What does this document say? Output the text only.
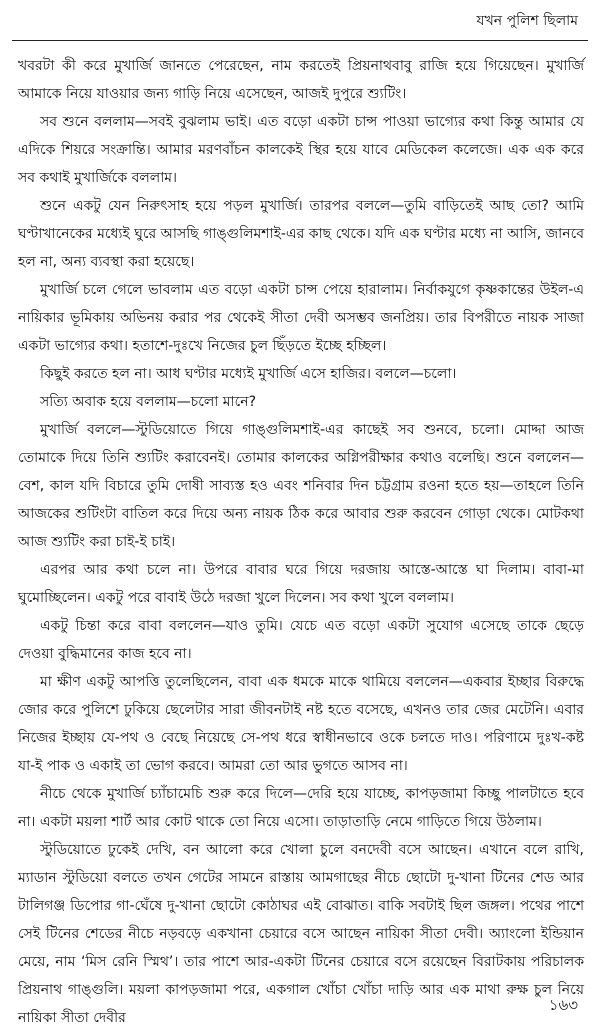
যখন পুলিশ ছিলাম

খবরটা কী করে মুখার্জি জানতে পেরেছেন, নাম করতেই প্রিয়নাথবাবু রাজি হয়ে গিয়েছেন। মুখার্জি আমাকে নিয়ে যাওয়ার জন্য গাড়ি নিয়ে এসেছেন, আজই দুপুরে শ্যুটিং।

সব শুনে বললাম—সবই বুঝলাম ভাই। এত বড়ো একটা চান্স পাওয়া ভাগ্যের কথা কিন্তু আমার যে এদিকে শিয়রে সংক্রান্তি। আমার মরণবাঁচন কালকেই স্থির হয়ে যাবে মেডিকেল কলেজে। এক এক করে সব কথাই মুখার্জিকে বললাম।

শুনে একটু যেন নিরুৎসাহ হয়ে পড়ল মুখার্জি। তারপর বললে—তুমি বাড়িতেই আছ তো? আমি ঘণ্টাখানেকের মধ্যেই ঘুরে আসছি গাঙ্গুলিমশাই-এর কাছ থেকে। যদি এক ঘণ্টার মধ্যে না আসি, জানবে হল না, অন্য ব্যবস্থা করা হয়েছে।

মুখার্জি চলে গেলে ভাবলাম এত বড়ো একটা চান্স পেয়ে হারালাম। নির্বাকযুগে কৃষ্ণকান্তের উইল-এ নায়িকার ভূমিকায় অভিনয় করার পর থেকেই সীতা দেবী অসম্ভব জনপ্রিয়। তার বিপরীতে নায়ক সাজা একটা ভাগ্যের কথা। হতাশে-দুঃখে নিজের চুল ছিঁড়তে ইচ্ছে হচ্ছিল।

কিছুই করতে হল না। আধ ঘণ্টার মধ্যেই মুখার্জি এসে হাজির। বললে—চলো।

সত্যি অবাক হয়ে বললাম—চলো মানে?

মুখার্জি বললে—স্টুডিয়োতে গিয়ে গাঙ্গুলিমশাই-এর কাছেই সব শুনবে, চলো। মোদ্দা আজ তোমাকে দিয়ে তিনি শ্যুটিং করাবেনই। তোমার কালকের অগ্নিপরীক্ষার কথাও বলেছি। শুনে বললেন—বেশ, কাল যদি বিচারে তুমি দোষী সাব্যস্ত হও এবং শনিবার দিন চট্টগ্রাম রওনা হতে হয়—তাহলে তিনি আজকের শুটিংটা বাতিল করে দিয়ে অন্য নায়ক ঠিক করে আবার শুরু করবেন গোড়া থেকে। মোটকথা আজ শ্যুটিং করা চাই-ই চাই।

এরপর আর কথা চলে না। উপরে বাবার ঘরে গিয়ে দরজায় আস্তে-আস্তে ঘা দিলাম। বাবা-মা ঘুমোচ্ছিলেন। একটু পরে বাবাই উঠে দরজা খুলে দিলেন। সব কথা খুলে বললাম।

একটু চিন্তা করে বাবা বললেন—যাও তুমি। যেচে এত বড়ো একটা সুযোগ এসেছে তাকে ছেড়ে দেওয়া বুদ্ধিমানের কাজ হবে না।

মা ক্ষীণ একটু আপত্তি তুলেছিলেন, বাবা এক ধমকে মাকে থামিয়ে বললেন—একবার ইচ্ছার বিরুদ্ধে জোর করে পুলিশে ঢুকিয়ে ছেলেটার সারা জীবনটাই নষ্ট হতে বসেছে, এখনও তার জের মেটেনি। এবার নিজের ইচ্ছায় যে-পথ ও বেছে নিয়েছে সে-পথ ধরে স্বাধীনভাবে ওকে চলতে দাও। পরিণামে দুঃখ-কষ্ট যা-ই পাক ও একাই তা ভোগ করবে। আমরা তো আর ভুগতে আসব না।

নীচে থেকে মুখার্জি চ্যাঁচামেচি শুরু করে দিলে—দেরি হয়ে যাচ্ছে, কাপড়জামা কিচ্ছু পালটাতে হবে না। একটা ময়লা শার্ট আর কোট থাকে তো নিয়ে এসো। তাড়াতাড়ি নেমে গাড়িতে গিয়ে উঠলাম।

স্টুডিয়োতে ঢুকেই দেখি, বন আলো করে খোলা চুলে বনদেবী বসে আছেন। এখানে বলে রাখি, ম্যাডান স্টুডিয়ো বলতে তখন গেটের সামনে রাস্তায় আমগাছের নীচে ছোটো দু-খানা টিনের শেড আর টালিগঞ্জ ডিপোর গা-ঘেঁষে দু-খানা ছোটো কোঠাঘর এই বোঝাত। বাকি সবটাই ছিল জঙ্গল। পথের পাশে সেই টিনের শেডের নীচে নড়বড়ে একখানা চেয়ারে বসে আছেন নায়িকা সীতা দেবী। অ্যাংলো ইন্ডিয়ান মেয়ে, নাম ‘মিস রেনি স্মিথ’। তার পাশে আর-একটা টিনের চেয়ারে বসে রয়েছেন বিরাটকায় পরিচালক প্রিয়নাথ গাঙ্গুলি। ময়লা কাপড়জামা পরে, একগাল খোঁচা খোঁচা দাড়ি আর এক মাথা রুক্ষ চুল নিয়ে নায়িকা সীতা দেবীর

১৬৩
